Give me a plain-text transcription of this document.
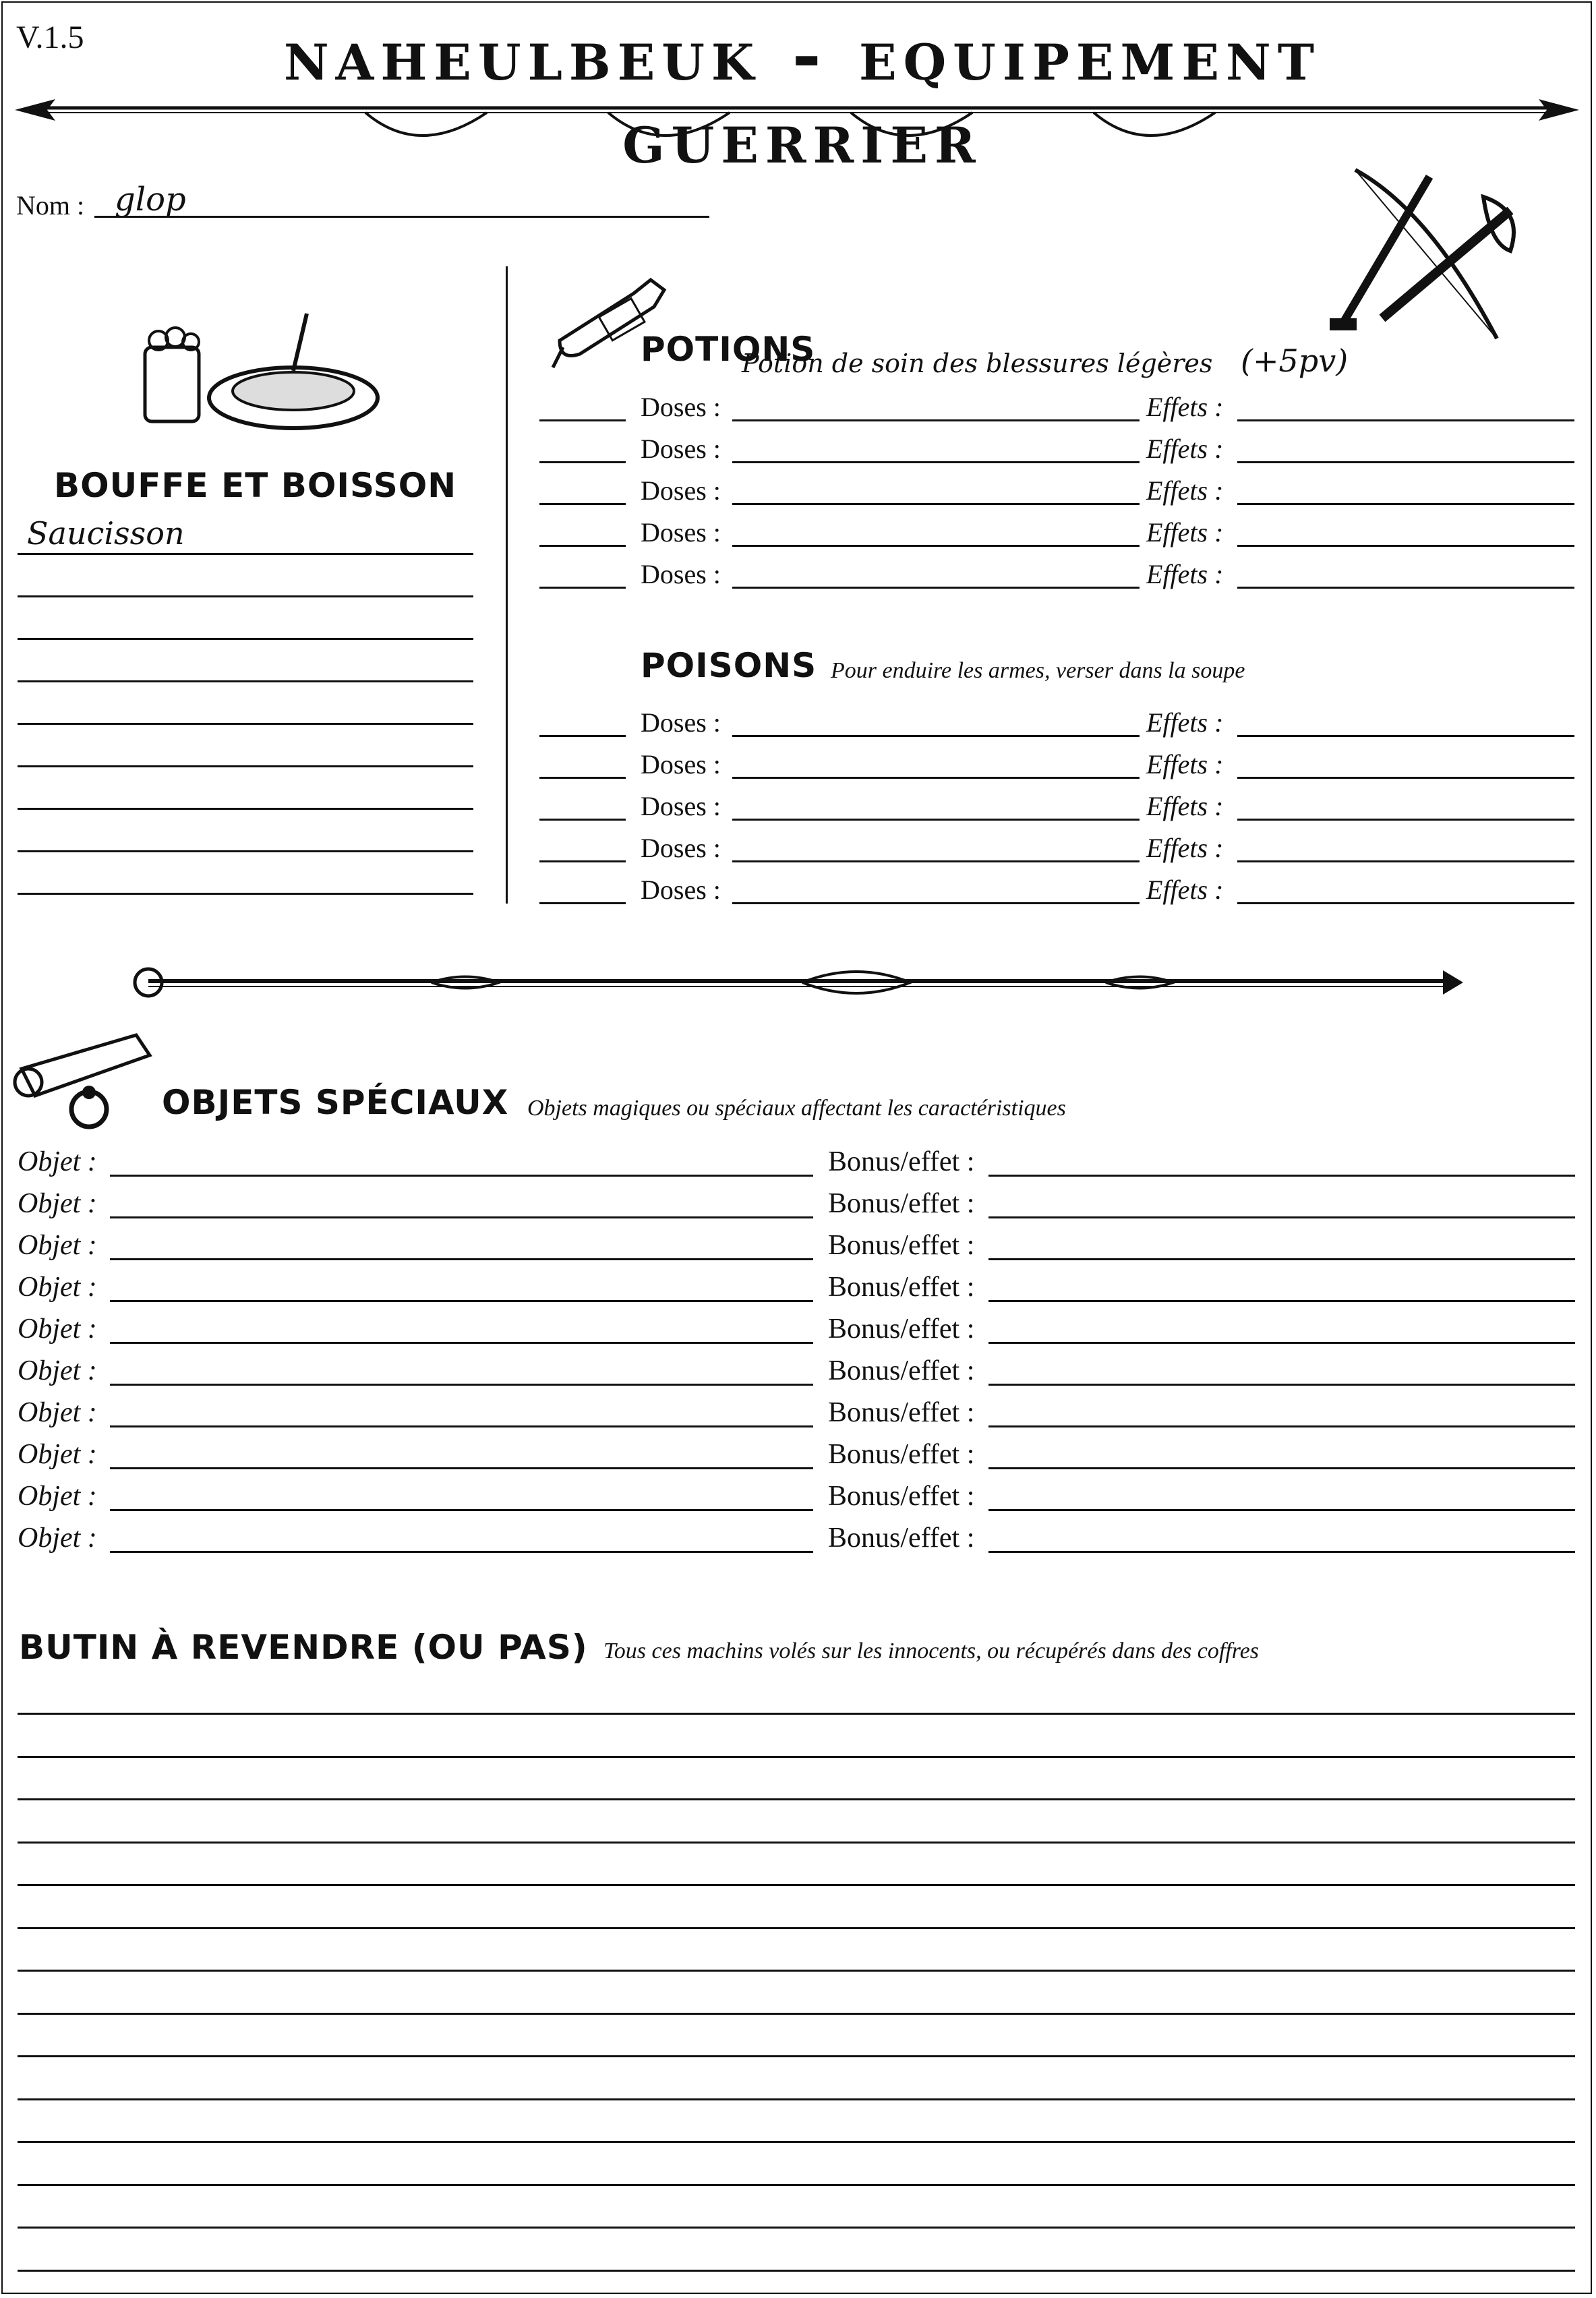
V.1.5	naheulbeuk - equipement guerrier
Nom : glop
BOUFFE ET BOISSON
Saucisson
POTIONS
Potion de soin des blessures légères (+5pv)
Doses :	Effets :
Doses :	Effets :
Doses :	Effets :
Doses :	Effets :
Doses :	Effets :
POISONS Pour enduire les armes, verser dans la soupe
Doses :	Effets :
Doses :	Effets :
Doses :	Effets :
Doses :	Effets :
Doses :	Effets :
OBJETS SPÉCIAUX Objets magiques ou spéciaux affectant les caractéristiques
Objet :	Bonus/effet :
Objet :	Bonus/effet :
Objet :	Bonus/effet :
Objet :	Bonus/effet :
Objet :	Bonus/effet :
Objet :	Bonus/effet :
Objet :	Bonus/effet :
Objet :	Bonus/effet :
Objet :	Bonus/effet :
Objet :	Bonus/effet :
BUTIN À REVENDRE (OU PAS) Tous ces machins volés sur les innocents, ou récupérés dans des coffres
